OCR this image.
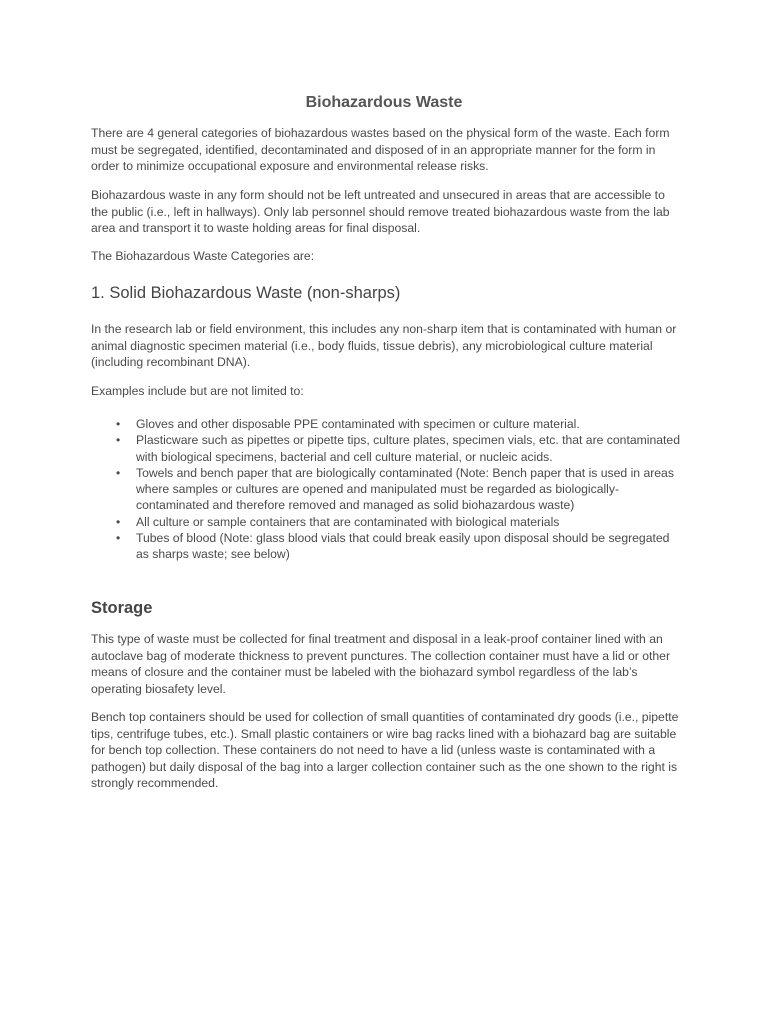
Biohazardous Waste

There are 4 general categories of biohazardous wastes based on the physical form of the waste. Each form must be segregated, identified, decontaminated and disposed of in an appropriate manner for the form in order to minimize occupational exposure and environmental release risks.

Biohazardous waste in any form should not be left untreated and unsecured in areas that are accessible to the public (i.e., left in hallways). Only lab personnel should remove treated biohazardous waste from the lab area and transport it to waste holding areas for final disposal.

The Biohazardous Waste Categories are:

1. Solid Biohazardous Waste (non-sharps)

In the research lab or field environment, this includes any non-sharp item that is contaminated with human or animal diagnostic specimen material (i.e., body fluids, tissue debris), any microbiological culture material (including recombinant DNA).

Examples include but are not limited to:

• Gloves and other disposable PPE contaminated with specimen or culture material.
• Plasticware such as pipettes or pipette tips, culture plates, specimen vials, etc. that are contaminated with biological specimens, bacterial and cell culture material, or nucleic acids.
• Towels and bench paper that are biologically contaminated (Note: Bench paper that is used in areas where samples or cultures are opened and manipulated must be regarded as biologically-contaminated and therefore removed and managed as solid biohazardous waste)
• All culture or sample containers that are contaminated with biological materials
• Tubes of blood (Note: glass blood vials that could break easily upon disposal should be segregated as sharps waste; see below)
Storage

This type of waste must be collected for final treatment and disposal in a leak-proof container lined with an autoclave bag of moderate thickness to prevent punctures. The collection container must have a lid or other means of closure and the container must be labeled with the biohazard symbol regardless of the lab’s operating biosafety level.

Bench top containers should be used for collection of small quantities of contaminated dry goods (i.e., pipette tips, centrifuge tubes, etc.). Small plastic containers or wire bag racks lined with a biohazard bag are suitable for bench top collection. These containers do not need to have a lid (unless waste is contaminated with a pathogen) but daily disposal of the bag into a larger collection container such as the one shown to the right is strongly recommended.
